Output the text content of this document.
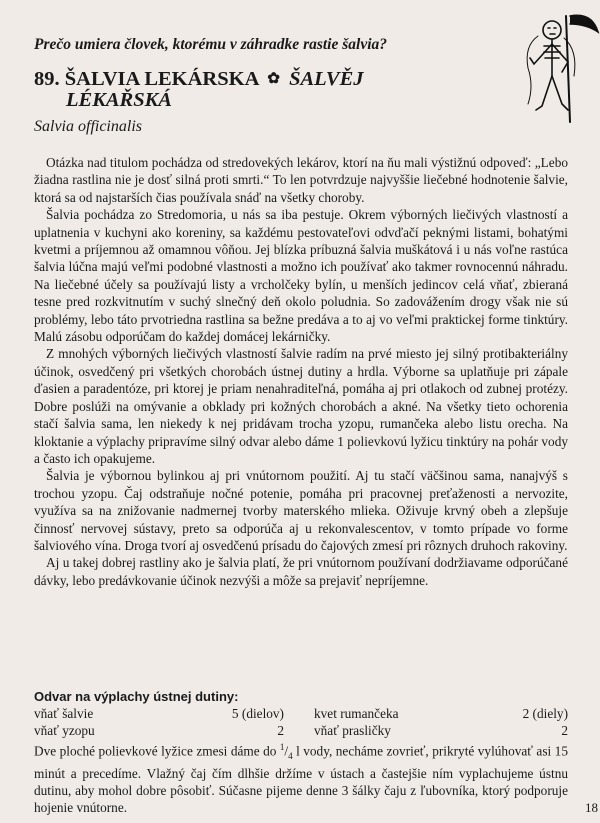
Prečo umiera človek, ktorému v záhradke rastie šalvia?
89. ŠALVIA LEKÁRSKA ✿ ŠALVĚJ
LÉKAŘSKÁ
Salvia officinalis

Otázka nad titulom pochádza od stredovekých lekárov, ktorí na ňu mali výstižnú odpoveď: „Lebo žiadna rastlina nie je dosť silná proti smrti.“ To len potvrdzuje najvyššie liečebné hodnotenie šalvie, ktorá sa od najstarších čias používala snáď na všetky choroby.

Šalvia pochádza zo Stredomoria, u nás sa iba pestuje. Okrem výborných liečivých vlastností a uplatnenia v kuchyni ako koreniny, sa každému pestovateľovi odvďačí peknými listami, bohatými kvetmi a príjemnou až omamnou vôňou. Jej blízka príbuzná šalvia muškátová i u nás voľne rastúca šalvia lúčna majú veľmi podobné vlastnosti a možno ich používať ako takmer rovnocennú náhradu. Na liečebné účely sa používajú listy a vrcholčeky bylín, u menších jedincov celá vňať, zbieraná tesne pred rozkvitnutím v suchý slnečný deň okolo poludnia. So zadovážením drogy však nie sú problémy, lebo táto prvotriedna rastlina sa bežne predáva a to aj vo veľmi praktickej forme tinktúry. Malú zásobu odporúčam do každej domácej lekárničky.

Z mnohých výborných liečivých vlastností šalvie radím na prvé miesto jej silný protibakteriálny účinok, osvedčený pri všetkých chorobách ústnej dutiny a hrdla. Výborne sa uplatňuje pri zápale ďasien a paradentóze, pri ktorej je priam nenahraditeľná, pomáha aj pri otlakoch od zubnej protézy. Dobre poslúži na omývanie a obklady pri kožných chorobách a akné. Na všetky tieto ochorenia stačí šalvia sama, len niekedy k nej pridávam trocha yzopu, rumančeka alebo listu orecha. Na kloktanie a výplachy pripravíme silný odvar alebo dáme 1 polievkovú lyžicu tinktúry na pohár vody a často ich opakujeme.

Šalvia je výbornou bylinkou aj pri vnútornom použití. Aj tu stačí väčšinou sama, nanajvýš s trochou yzopu. Čaj odstraňuje nočné potenie, pomáha pri pracovnej preťaženosti a nervozite, využíva sa na znižovanie nadmernej tvorby materského mlieka. Oživuje krvný obeh a zlepšuje činnosť nervovej sústavy, preto sa odporúča aj u rekonvalescentov, v tomto prípade vo forme šalviového vína. Droga tvorí aj osvedčenú prísadu do čajových zmesí pri rôznych druhoch rakoviny.

Aj u takej dobrej rastliny ako je šalvia platí, že pri vnútornom používaní dodržiavame odporúčané dávky, lebo predávkovanie účinok nezvýši a môže sa prejaviť nepríjemne.

Odvar na výplachy ústnej dutiny:
vňať šalvie	5 (dielov)	kvet rumančeka	2 (diely)
vňať yzopu	2	vňať prasličky	2
Dve ploché polievkové lyžice zmesi dáme do $^1/_4$ l vody, necháme zovrieť, prikryté vylúhovať asi 15 minút a precedíme. Vlažný čaj čím dlhšie držíme v ústach a častejšie ním vyplachujeme ústnu dutinu, aby mohol dobre pôsobiť. Súčasne pijeme denne 3 šálky čaju z ľubovníka, ktorý podporuje hojenie vnútorne.	18
